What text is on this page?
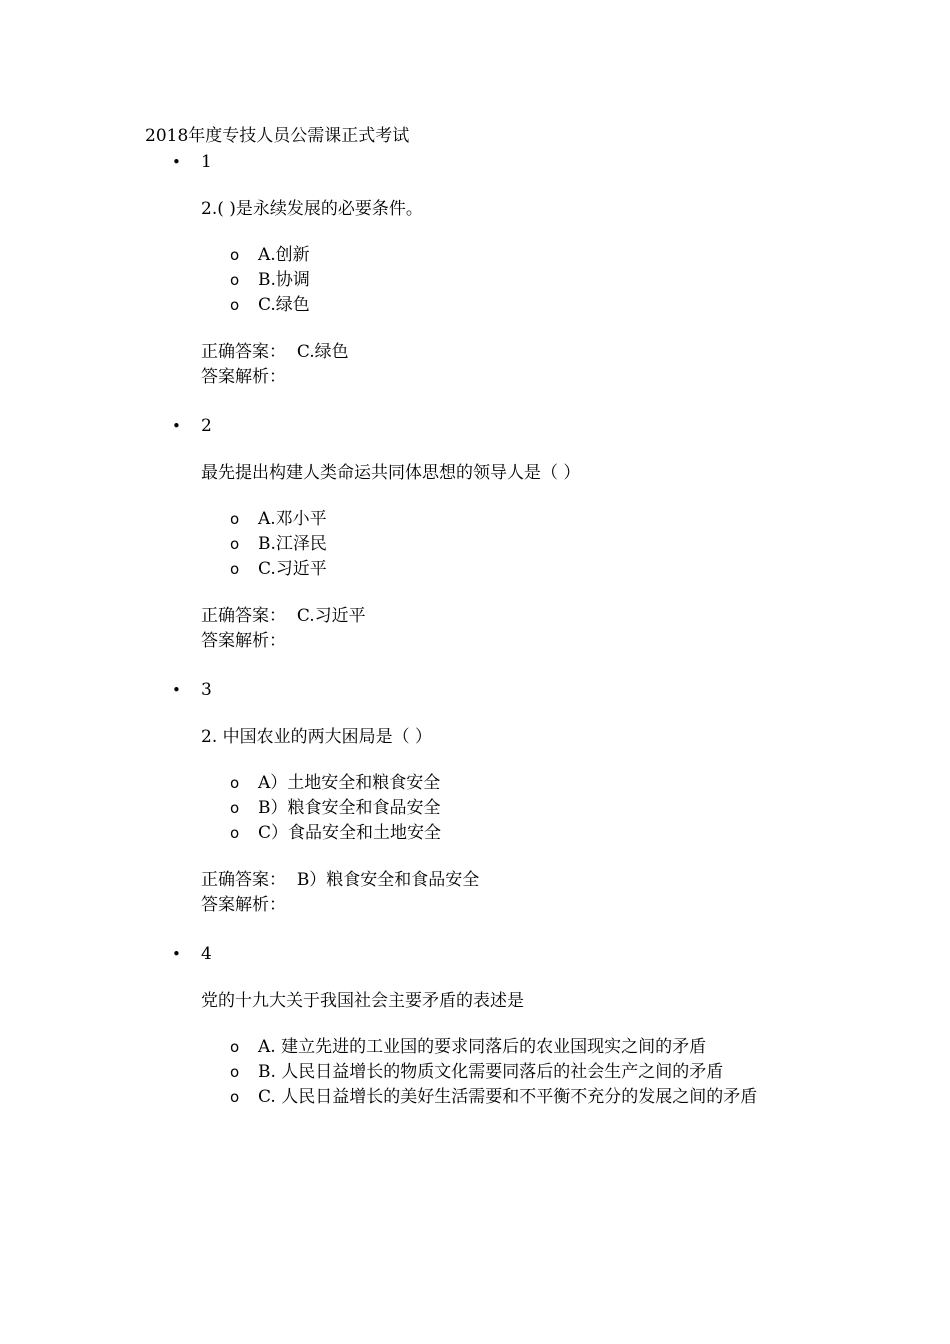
2018年度专技人员公需课正式考试
• 1
2.( )是永续发展的必要条件。
o A.创新
o B.协调
o C.绿色
正确答案： C.绿色
答案解析：
• 2
最先提出构建人类命运共同体思想的领导人是（ ）
o A.邓小平
o B.江泽民
o C.习近平
正确答案： C.习近平
答案解析：
• 3
2. 中国农业的两大困局是（ ）
o A）土地安全和粮食安全
o B）粮食安全和食品安全
o C）食品安全和土地安全
正确答案： B）粮食安全和食品安全
答案解析：
• 4
党的十九大关于我国社会主要矛盾的表述是
o A. 建立先进的工业国的要求同落后的农业国现实之间的矛盾
o B. 人民日益增长的物质文化需要同落后的社会生产之间的矛盾
o C. 人民日益增长的美好生活需要和不平衡不充分的发展之间的矛盾
